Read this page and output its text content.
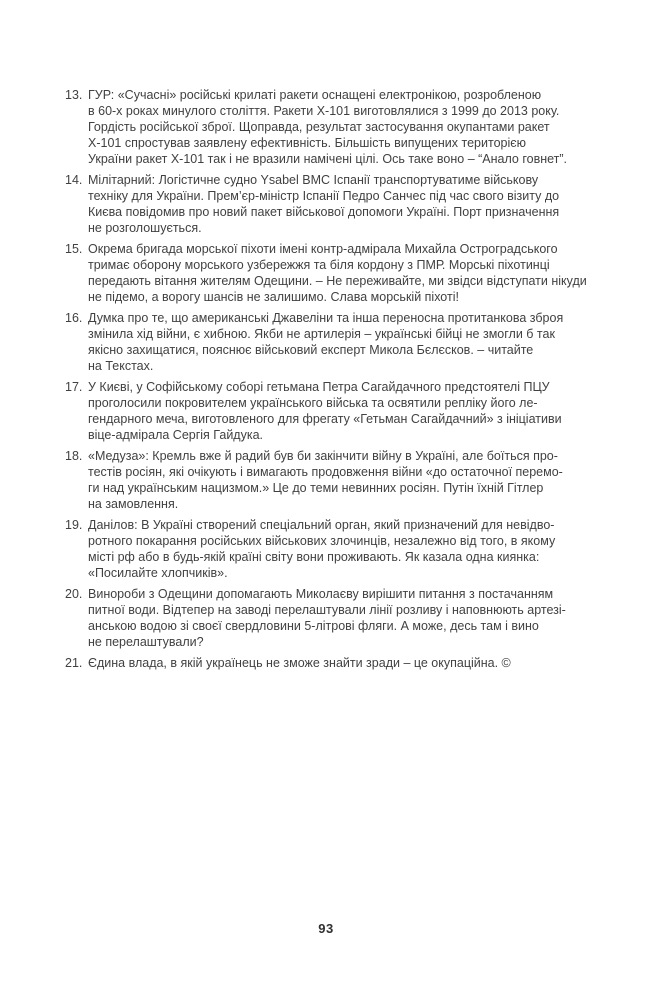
13. ГУР: «Сучасні» російські крилаті ракети оснащені електронікою, розробленою
в 60-х роках минулого століття. Ракети Х-101 виготовлялися з 1999 до 2013 року.
Гордість російської зброї. Щоправда, результат застосування окупантами ракет
Х-101 спростував заявлену ефективність. Більшість випущених територією
України ракет Х-101 так і не вразили намічені цілі. Ось таке воно – “Анало говнет”.
14. Мілітарний: Логістичне судно Ysabel ВМС Іспанії транспортуватиме військову
техніку для України. Прем’єр-міністр Іспанії Педро Санчес під час свого візиту до
Києва повідомив про новий пакет військової допомоги Україні. Порт призначення
не розголошується.
15. Окрема бригада морської піхоти імені контр-адмірала Михайла Остроградського
тримає оборону морського узбережжя та біля кордону з ПМР. Морські піхотинці
передають вітання жителям Одещини. – Не переживайте, ми звідси відступати нікуди
не підемо, а ворогу шансів не залишимо. Слава морській піхоті!
16. Думка про те, що американські Джавеліни та інша переносна протитанкова зброя
змінила хід війни, є хибною. Якби не артилерія – українські бійці не змогли б так
якісно захищатися, пояснює військовий експерт Микола Бєлєсков. – читайте
на Текстах.
17. У Києві, у Софійському соборі гетьмана Петра Сагайдачного предстоятелі ПЦУ
проголосили покровителем українського війська та освятили репліку його ле-
гендарного меча, виготовленого для фрегату «Гетьман Сагайдачний» з ініціативи
віце-адмірала Сергія Гайдука.
18. «Медуза»: Кремль вже й радий був би закінчити війну в Україні, але боїться про-
тестів росіян, які очікують і вимагають продовження війни «до остаточної перемо-
ги над українським нацизмом.» Це до теми невинних росіян. Путін їхній Гітлер
на замовлення.
19. Данілов: В Україні створений спеціальний орган, який призначений для невідво-
ротного покарання російських військових злочинців, незалежно від того, в якому
місті рф або в будь-якій країні світу вони проживають. Як казала одна киянка:
«Посилайте хлопчиків».
20. Винороби з Одещини допомагають Миколаєву вирішити питання з постачанням
питної води. Відтепер на заводі перелаштували лінії розливу і наповнюють артезі-
анською водою зі своєї свердловини 5-літрові фляги. А може, десь там і вино
не перелаштували?
21. Єдина влада, в якій українець не зможе знайти зради – це окупаційна. ©
93
